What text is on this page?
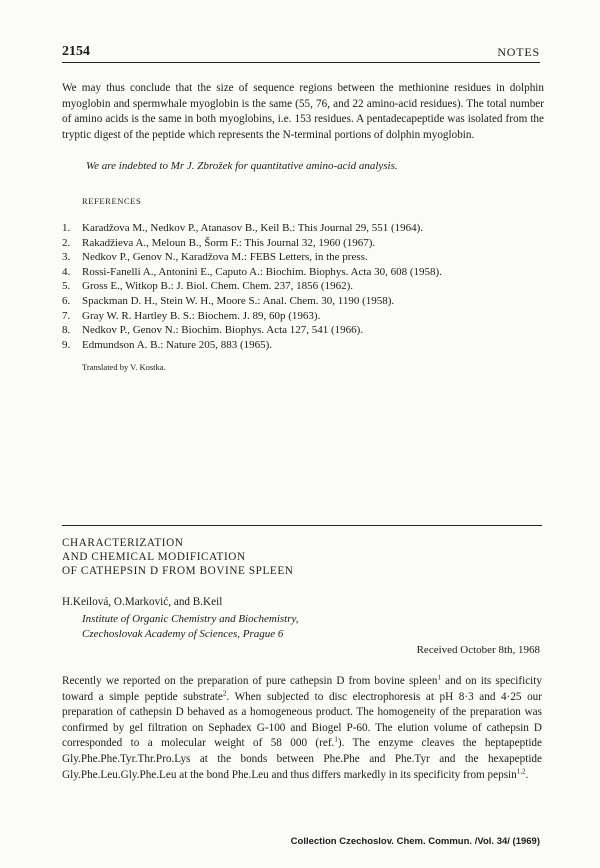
2154	NOTES

We may thus conclude that the size of sequence regions between the methionine residues in dolphin myoglobin and spermwhale myoglobin is the same (55, 76, and 22 amino-acid residues). The total number of amino acids is the same in both myoglobins, i.e. 153 residues. A pentadecapeptide was isolated from the tryptic digest of the peptide which represents the N-terminal portions of dolphin myoglobin.

We are indebted to Mr J. Zbrožek for quantitative amino-acid analysis.

REFERENCES

1. Karadžova M., Nedkov P., Atanasov B., Keil B.: This Journal 29, 551 (1964).
2. Rakadžieva A., Meloun B., Šorm F.: This Journal 32, 1960 (1967).
3. Nedkov P., Genov N., Karadžova M.: FEBS Letters, in the press.
4. Rossi-Fanelli A., Antonini E., Caputo A.: Biochim. Biophys. Acta 30, 608 (1958).
5. Gross E., Witkop B.: J. Biol. Chem. Chem. 237, 1856 (1962).
6. Spackman D. H., Stein W. H., Moore S.: Anal. Chem. 30, 1190 (1958).
7. Gray W. R. Hartley B. S.: Biochem. J. 89, 60p (1963).
8. Nedkov P., Genov N.: Biochim. Biophys. Acta 127, 541 (1966).
9. Edmundson A. B.: Nature 205, 883 (1965).

Translated by V. Kostka.

CHARACTERIZATION
AND CHEMICAL MODIFICATION
OF CATHEPSIN D FROM BOVINE SPLEEN

H.Keilová, O.Marković, and B.Keil

Institute of Organic Chemistry and Biochemistry,
Czechoslovak Academy of Sciences, Prague 6

Received October 8th, 1968

Recently we reported on the preparation of pure cathepsin D from bovine spleen$^1$ and on its specificity toward a simple peptide substrate$^2$. When subjected to disc electrophoresis at pH 8·3 and 4·25 our preparation of cathepsin D behaved as a homogeneous product. The homogeneity of the preparation was confirmed by gel filtration on Sephadex G-100 and Biogel P-60. The elution volume of cathepsin D corresponded to a molecular weight of 58 000 (ref.$^1$). The enzyme cleaves the heptapeptide Gly.Phe.Phe.Tyr.Thr.Pro.Lys at the bonds between Phe.Phe and Phe.Tyr and the hexapeptide Gly.Phe.Leu.Gly.Phe.Leu at the bond Phe.Leu and thus differs markedly in its specificity from pepsin$^{1,2}$.

Collection Czechoslov. Chem. Commun. /Vol. 34/ (1969)
